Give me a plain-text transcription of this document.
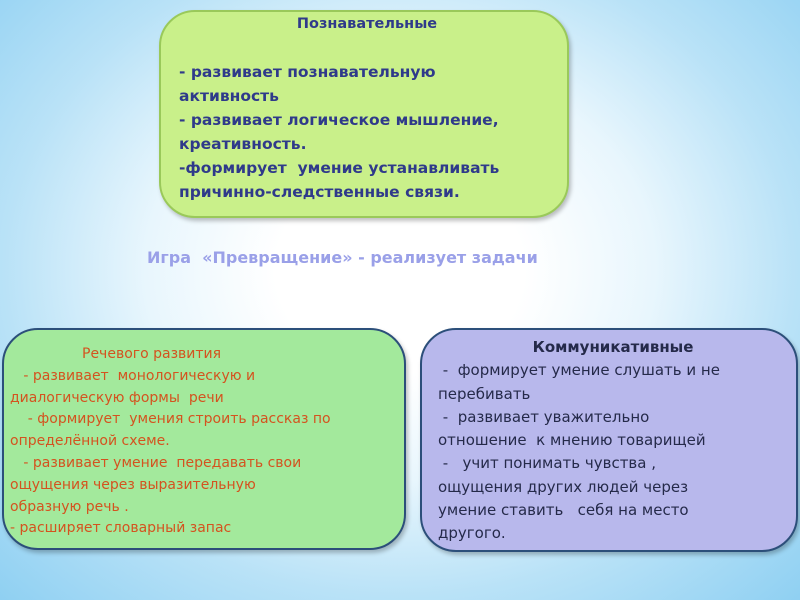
Познавательные

- развивает познавательную
активность
- развивает логическое мышление,
креативность.
-формирует  умение устанавливать
причинно-следственные связи.
Игра  «Превращение» - реализует задачи
Речевого развития
- развивает  монологическую и
диалогическую формы  речи
- формирует  умения строить рассказ по
определённой схеме.
- развивает умение  передавать свои
ощущения через выразительную
образную речь .
- расширяет словарный запас
Коммуникативные
-  формирует умение слушать и не
перебивать
-  развивает уважительно
отношение  к мнению товарищей
-   учит понимать чувства ,
ощущения других людей через
умение ставить   себя на место
другого.
